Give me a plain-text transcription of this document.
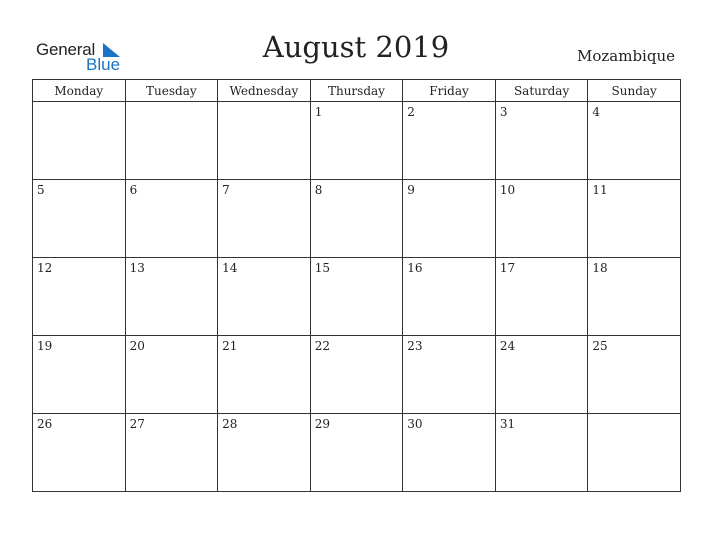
General
Blue
August 2019	Mozambique
Monday	Tuesday	Wednesday	Thursday	Friday	Saturday	Sunday

			1	2	3	4

5	6	7	8	9	10	11

12	13	14	15	16	17	18

19	20	21	22	23	24	25

26	27	28	29	30	31	
